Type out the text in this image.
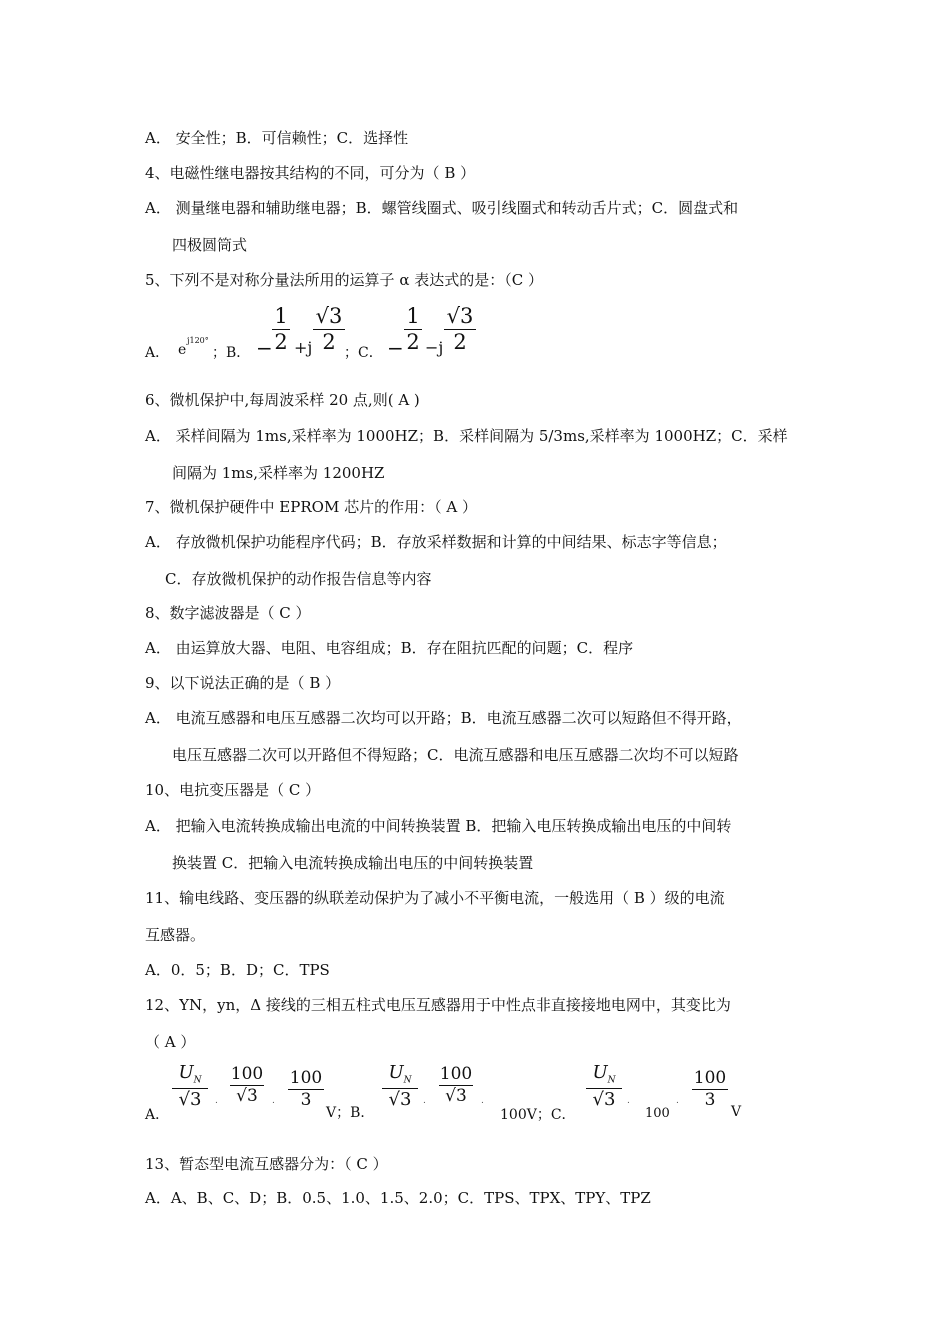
A． 安全性；B．可信赖性；C．选择性
4、电磁性继电器按其结构的不同，可分为（ B ）
A． 测量继电器和辅助继电器；B．螺管线圈式、吸引线圈式和转动舌片式；C．圆盘式和
四极圆筒式
5、下列不是对称分量法所用的运算子 α 表达式的是：（C ）
A． e
j120°
；B． −
1
2 +j
√3
2 ；C． −
1
2 −j
√3
2
6、微机保护中,每周波采样 20 点,则( A )
A． 采样间隔为 1ms,采样率为 1000HZ；B．采样间隔为 5/3ms,采样率为 1000HZ；C．采样
间隔为 1ms,采样率为 1200HZ
7、微机保护硬件中 EPROM 芯片的作用：（ A ）
A． 存放微机保护功能程序代码；B．存放采样数据和计算的中间结果、标志字等信息；
C．存放微机保护的动作报告信息等内容
8、数字滤波器是（ C ）
A． 由运算放大器、电阻、电容组成；B．存在阻抗匹配的问题；C．程序
9、以下说法正确的是（ B ）
A． 电流互感器和电压互感器二次均可以开路；B．电流互感器二次可以短路但不得开路，
电压互感器二次可以开路但不得短路；C．电流互感器和电压互感器二次均不可以短路
10、电抗变压器是（ C ）
A． 把输入电流转换成输出电流的中间转换装置 B．把输入电压转换成输出电压的中间转
换装置 C．把输入电流转换成输出电压的中间转换装置
11、输电线路、变压器的纵联差动保护为了减小不平衡电流，一般选用（ B ）级的电流
互感器。
A．0．5；B．D；C．TPS
12、YN，yn，Δ 接线的三相五柱式电压互感器用于中性点非直接接地电网中，其变比为
（ A ）
A．
$U_N$
√3	.
100
√3	.
100
3
V；B．
$U_N$
√3	.
100
√3	.
100V；C．
$U_N$
√3	.
100
.
100
3
V
13、暂态型电流互感器分为：（ C ）
A．A、B、C、D；B．0.5、1.0、1.5、2.0；C．TPS、TPX、TPY、TPZ
